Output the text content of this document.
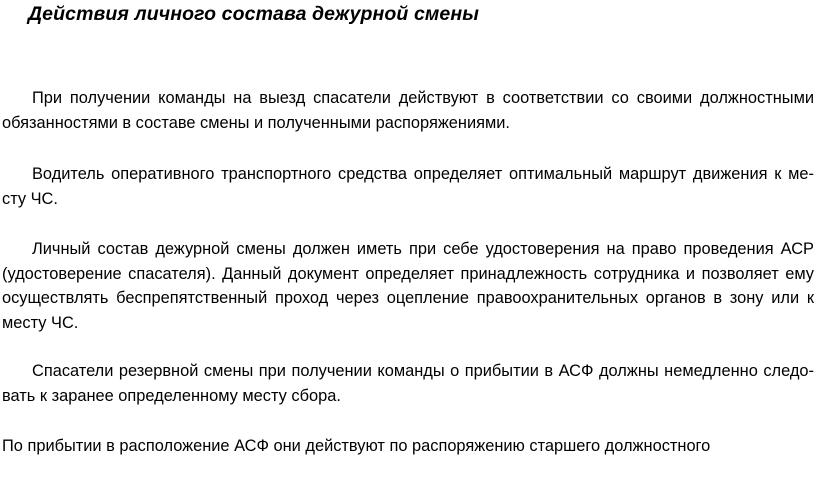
Действия личного состава дежурной смены
При получении команды на выезд спасатели действуют в соответствии со своими должностными обязанностями в составе смены и полученными распоряжениями.
Водитель оперативного транспортного средства определяет оптимальный маршрут движения к ме-сту ЧС.
Личный состав дежурной смены должен иметь при себе удостоверения на право проведения АСР (удостоверение спасателя). Данный документ определяет принадлежность сотрудника и позволяет ему осуществлять беспрепятственный проход через оцепление правоохранительных органов в зону или к месту ЧС.
Спасатели резервной смены при получении команды о прибытии в АСФ должны немедленно следо-вать к заранее определенному месту сбора.
По прибытии в расположение АСФ они действуют по распоряжению старшего должностного
